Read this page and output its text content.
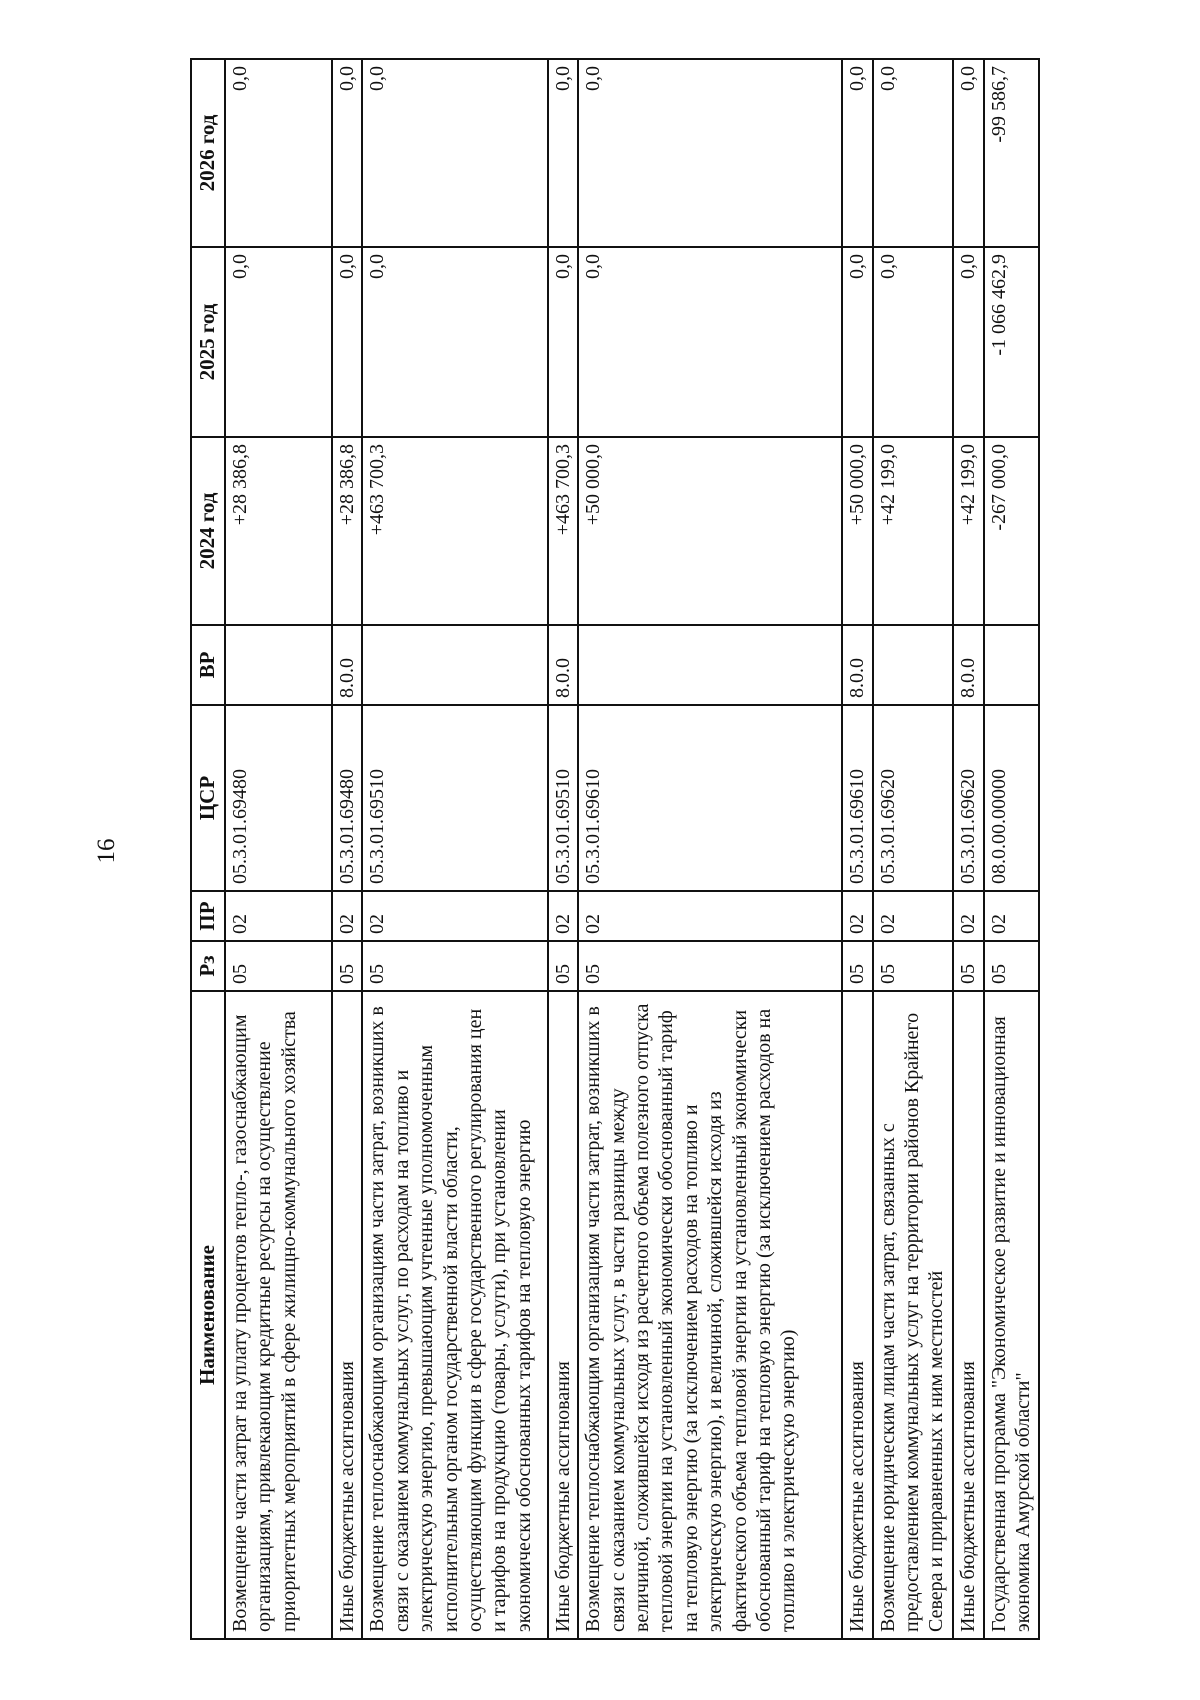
16
Наименование	Рз	ПР	ЦСР	ВР	2024 год	2025 год	2026 год
Возмещение части затрат на уплату процентов тепло-, газоснабжающим организациям, привлекающим кредитные ресурсы на осуществление приоритетных мероприятий в сфере жилищно-коммунального хозяйства	05	02	05.3.01.69480		+28 386,8	0,0	0,0
Иные бюджетные ассигнования	05	02	05.3.01.69480	8.0.0	+28 386,8	0,0	0,0
Возмещение теплоснабжающим организациям части затрат, возникших в связи с оказанием коммунальных услуг, по расходам на топливо и электрическую энергию, превышающим учтенные уполномоченным исполнительным органом государственной власти области, осуществляющим функции в сфере государственного регулирования цен и тарифов на продукцию (товары, услуги), при установлении экономически обоснованных тарифов на тепловую энергию	05	02	05.3.01.69510		+463 700,3	0,0	0,0
Иные бюджетные ассигнования	05	02	05.3.01.69510	8.0.0	+463 700,3	0,0	0,0
Возмещение теплоснабжающим организациям части затрат, возникших в связи с оказанием коммунальных услуг, в части разницы между величиной, сложившейся исходя из расчетного объема полезного отпуска тепловой энергии на установленный экономически обоснованный тариф на тепловую энергию (за исключением расходов на топливо и электрическую энергию), и величиной, сложившейся исходя из фактического объема тепловой энергии на установленный экономически обоснованный тариф на тепловую энергию (за исключением расходов на топливо и электрическую энергию)	05	02	05.3.01.69610		+50 000,0	0,0	0,0
Иные бюджетные ассигнования	05	02	05.3.01.69610	8.0.0	+50 000,0	0,0	0,0
Возмещение юридическим лицам части затрат, связанных с предоставлением коммунальных услуг на территории районов Крайнего Севера и приравненных к ним местностей	05	02	05.3.01.69620		+42 199,0	0,0	0,0
Иные бюджетные ассигнования	05	02	05.3.01.69620	8.0.0	+42 199,0	0,0	0,0
Государственная программа "Экономическое развитие и инновационная экономика Амурской области"	05	02	08.0.00.00000		-267 000,0	-1 066 462,9	-99 586,7
